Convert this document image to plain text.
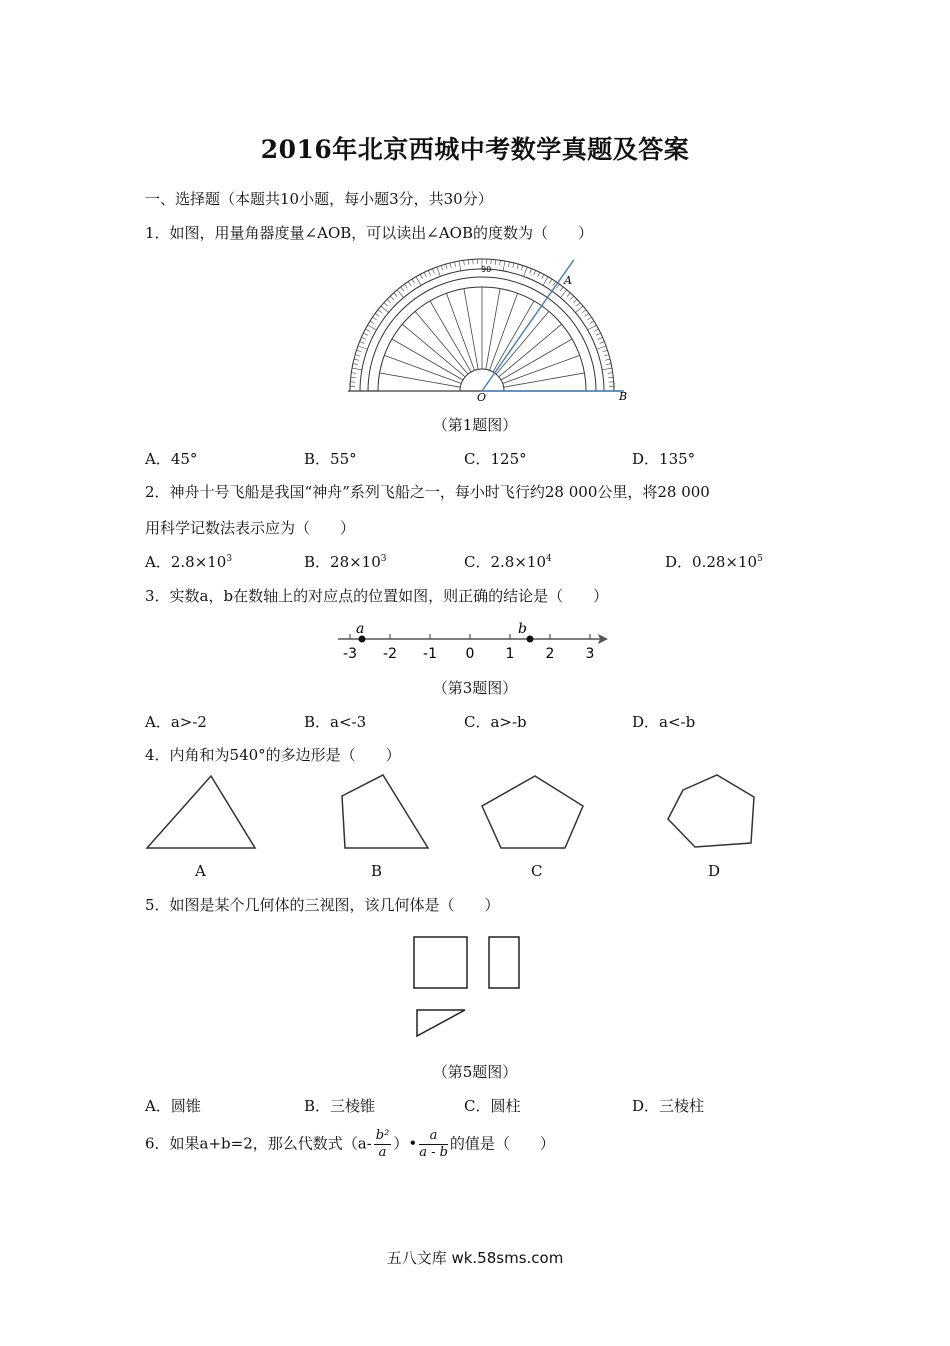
2016年北京西城中考数学真题及答案
一、选择题（本题共10小题，每小题3分，共30分）
1．如图，用量角器度量∠AOB，可以读出∠AOB的度数为（　　）
90
A
O	B
（第1题图）
A．45°	B．55°	C．125°	D．135°
2．神舟十号飞船是我国“神舟”系列飞船之一，每小时飞行约28 000公里，将28 000
用科学记数法表示应为（　　）
A．$2.8\times 10^3$	B．$28\times 10^3$	C．$2.8\times 10^4$	D．$0.28\times 10^5$
3．实数a，b在数轴上的对应点的位置如图，则正确的结论是（　　）
-3 -2 -1 0 1 2 3
a	b
（第3题图）
A．a>-2	B．a<-3	C．a>-b	D．a<-b
4．内角和为540°的多边形是（　　）
A	B	C	D
5．如图是某个几何体的三视图，该几何体是（　　）
（第5题图）
A．圆锥	B．三棱锥	C．圆柱	D．三棱柱
6．如果a+b=2，那么代数式（$a- \frac{\text{b²}}{a}$ ）• $\frac{a}{a - b}$ 的值是（　　）
五八文库 wk.58sms.com
